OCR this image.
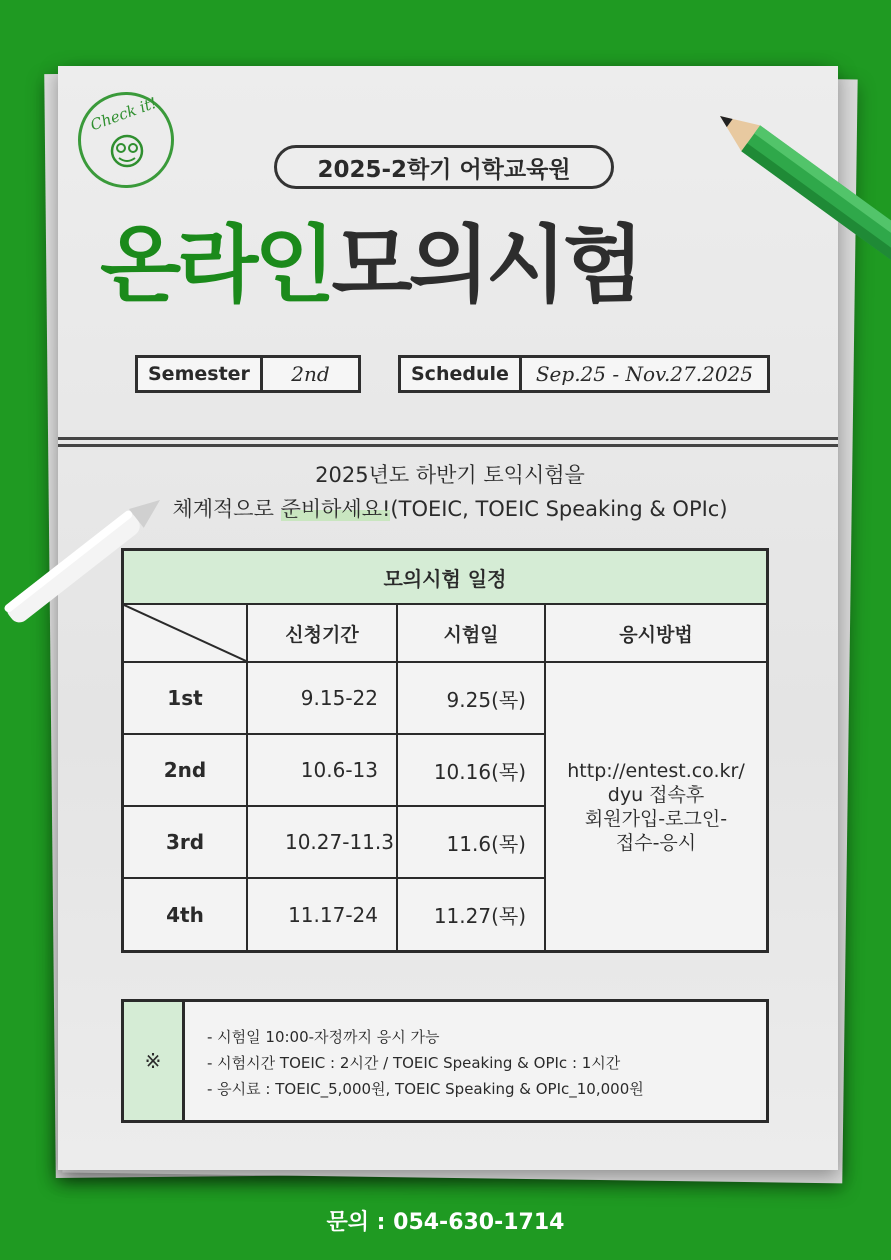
Check it!
2025-2학기 어학교육원
온라인모의시험
Semester	2nd	Schedule	Sep.25 - Nov.27.2025
2025년도 하반기 토익시험을
체계적으로 준비하세요!(TOEIC, TOEIC Speaking & OPIc)
모의시험 일정			

	신청기간	시험일	응시방법
1st	9.15-22	9.25(목)	http://entest.co.kr/
dyu 접속후
회원가입-로그인-
접수-응시

2nd	10.6-13	10.16(목)	
3rd	10.27-11.3	11.6(목)	
4th	11.17-24	11.27(목)	
※
- 시험일 10:00-자정까지 응시 가능
- 시험시간 TOEIC : 2시간 / TOEIC Speaking & OPIc : 1시간
- 응시료 : TOEIC_5,000원, TOEIC Speaking & OPIc_10,000원
문의 : 054-630-1714
